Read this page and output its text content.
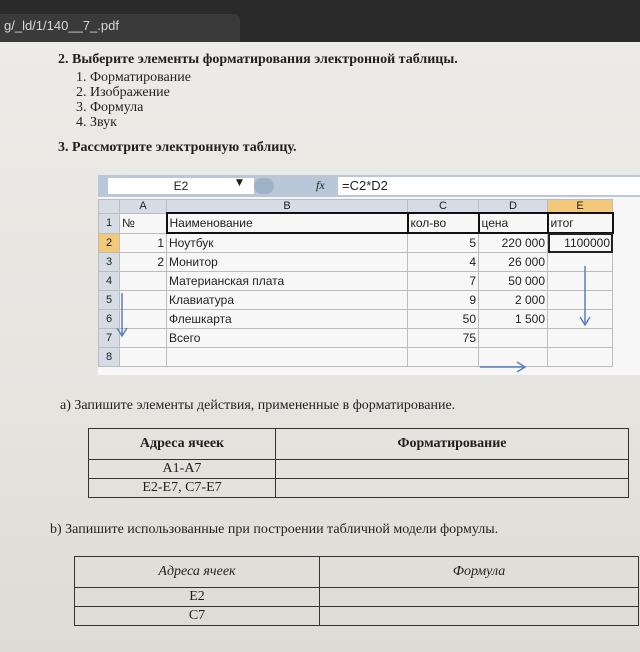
g/_ld/1/140__7_.pdf
2. Выберите элементы форматирования электронной таблицы.
1. Форматирование
2. Изображение
3. Формула
4. Звук
3. Рассмотрите электронную таблицу.
E2	▼	fx	=C2*D2
	A	B	C	D	E
1	№	Наименование	кол-во	цена	итог
2	1	Ноутбук	5	220 000	1100000
3	2	Монитор	4	26 000	
4		Материанская плата	7	50 000	
5		Клавиатура	9	2 000	
6		Флешкарта	50	1 500	
7		Всего	75		
8					
а) Запишите элементы действия, примененные в форматирование.
Адреса ячеек	Форматирование
А1-А7	
Е2-Е7, С7-Е7	
b) Запишите использованные при построении табличной модели формулы.
Адреса ячеек	Формула
Е2	
С7	
